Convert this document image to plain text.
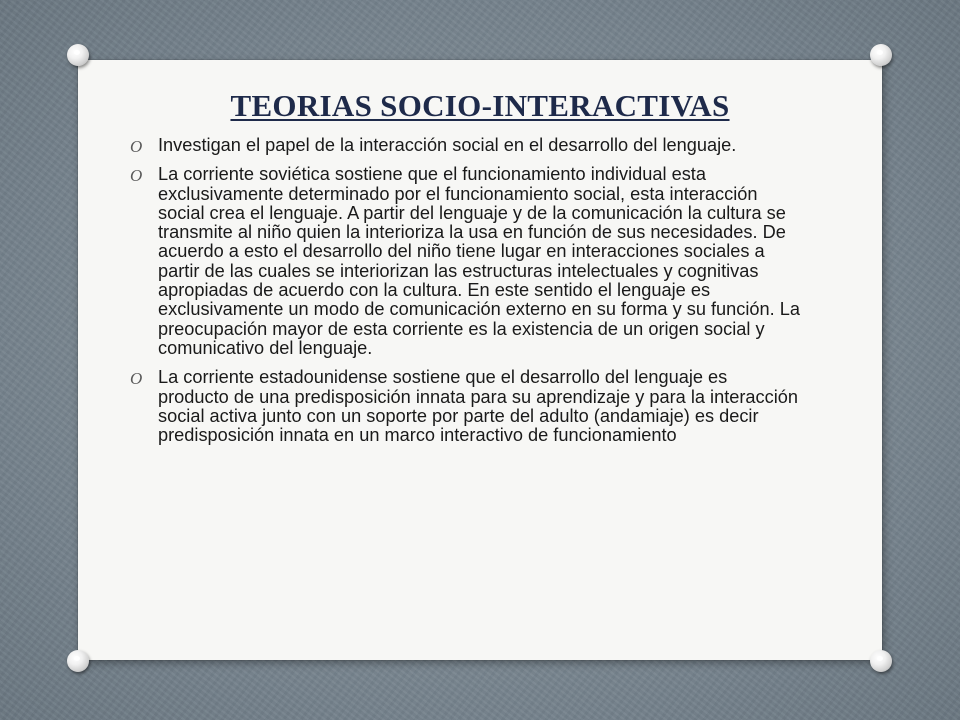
TEORIAS SOCIO-INTERACTIVAS
O Investigan el papel de la interacción social en el desarrollo del lenguaje.
O La corriente soviética sostiene que el funcionamiento individual esta exclusivamente determinado por el funcionamiento social, esta interacción social crea el lenguaje. A partir del lenguaje y de la comunicación la cultura se transmite al niño quien la interioriza la usa en función de sus necesidades. De acuerdo a esto el desarrollo del niño tiene lugar en interacciones sociales a partir de las cuales se interiorizan las estructuras intelectuales y cognitivas apropiadas de acuerdo con la cultura. En este sentido el lenguaje es exclusivamente un modo de comunicación externo en su forma y su función. La preocupación mayor de esta corriente es la existencia de un origen social y comunicativo del lenguaje.
O La corriente estadounidense sostiene que el desarrollo del lenguaje es producto de una predisposición innata para su aprendizaje y para la interacción social activa junto con un soporte por parte del adulto (andamiaje) es decir predisposición innata en un marco interactivo de funcionamiento
